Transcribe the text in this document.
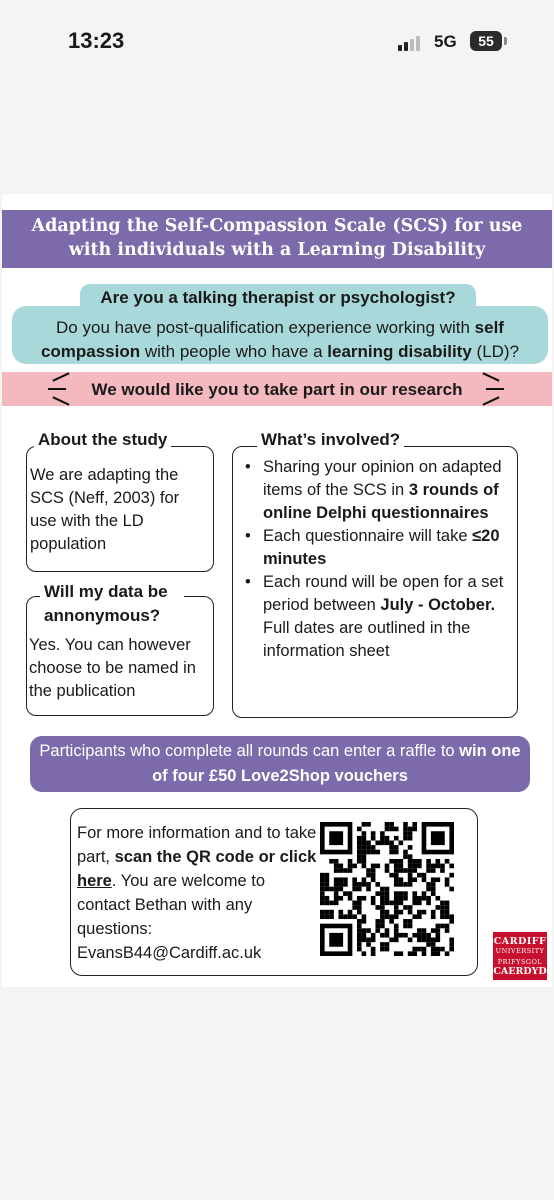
13:23	5G	55
Adapting the Self-Compassion Scale (SCS) for use
with individuals with a Learning Disability
Are you a talking therapist or psychologist?
Do you have post-qualification experience working with self compassion with people who have a learning disability (LD)?
We would like you to take part in our research
About the study
We are adapting the SCS (Neff, 2003) for use with the LD population
Will my data be annonymous?
Yes. You can however choose to be named in the publication
What’s involved?
• Sharing your opinion on adapted items of the SCS in 3 rounds of online Delphi questionnaires
• Each questionnaire will take ≤20 minutes
• Each round will be open for a set period between July - October. Full dates are outlined in the information sheet
Participants who complete all rounds can enter a raffle to win one of four £50 Love2Shop vouchers
For more information and to take part, scan the QR code or click here. You are welcome to contact Bethan with any questions: EvansB44@Cardiff.ac.uk
CARDIFF
UNIVERSITY
PRIFYSGOL
CAERDYD
